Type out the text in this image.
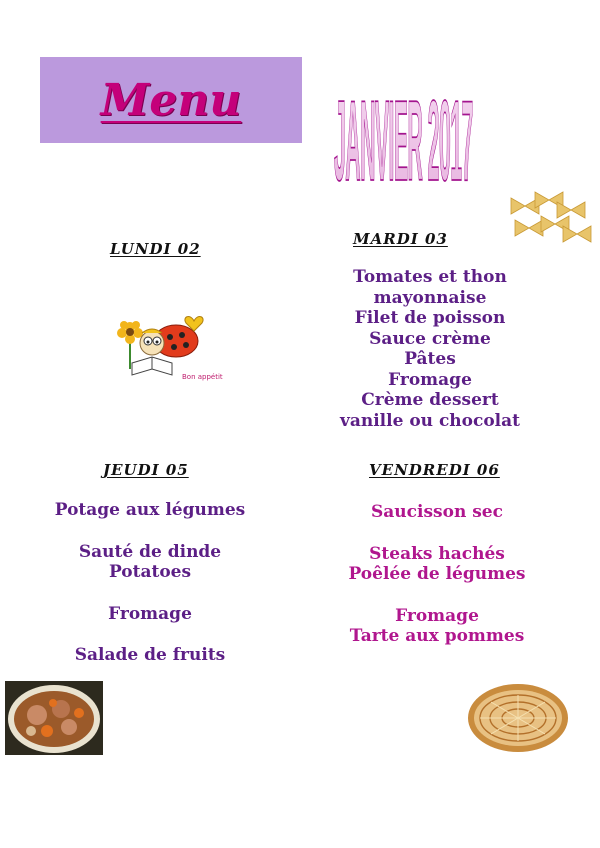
Menu JANVIER 2017
LUNDI 02
Bon appétit
MARDI 03
Tomates et thon
mayonnaise
Filet de poisson
Sauce crème
Pâtes
Fromage
Crème dessert
vanille ou chocolat
JEUDI 05
Potage aux légumes
Sauté de dinde
Potatoes
Fromage
Salade de fruits
VENDREDI 06
Saucisson sec
Steaks hachés
Poêlée de légumes
Fromage
Tarte aux pommes
